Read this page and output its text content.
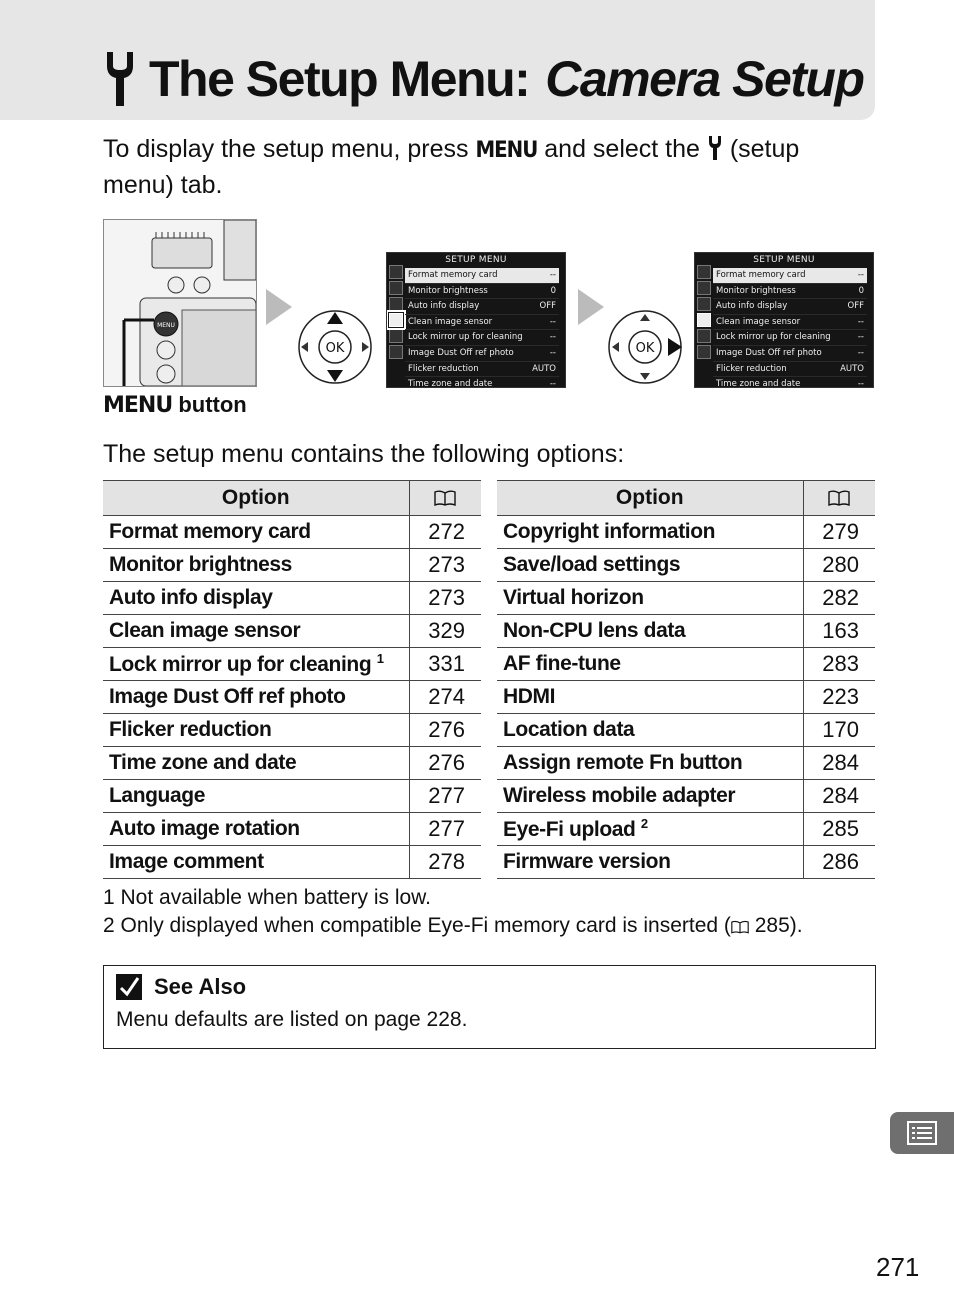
The Setup Menu: Camera Setup
To display the setup menu, press MENU and select the  (setup menu) tab.
MENU
MENU button
OK
SETUP MENU
Format memory card	--
Monitor brightness	0
Auto info display	OFF
Clean image sensor	--
Lock mirror up for cleaning	--
Image Dust Off ref photo	--
Flicker reduction	AUTO
Time zone and date	--
OK
SETUP MENU
Format memory card	--
Monitor brightness	0
Auto info display	OFF
Clean image sensor	--
Lock mirror up for cleaning	--
Image Dust Off ref photo	--
Flicker reduction	AUTO
Time zone and date	--
The setup menu contains the following options:
Option	
Format memory card	272
Monitor brightness	273
Auto info display	273
Clean image sensor	329
Lock mirror up for cleaning $^1$	331
Image Dust Off ref photo	274
Flicker reduction	276
Time zone and date	276
Language	277
Auto image rotation	277
Image comment	278
Option	
Copyright information	279
Save/load settings	280
Virtual horizon	282
Non-CPU lens data	163
AF fine-tune	283
HDMI	223
Location data	170
Assign remote Fn button	284
Wireless mobile adapter	284
Eye-Fi upload $^2$	285
Firmware version	286
1 Not available when battery is low.
2 Only displayed when compatible Eye-Fi memory card is inserted ( 285).
See Also
Menu defaults are listed on page 228.
271
